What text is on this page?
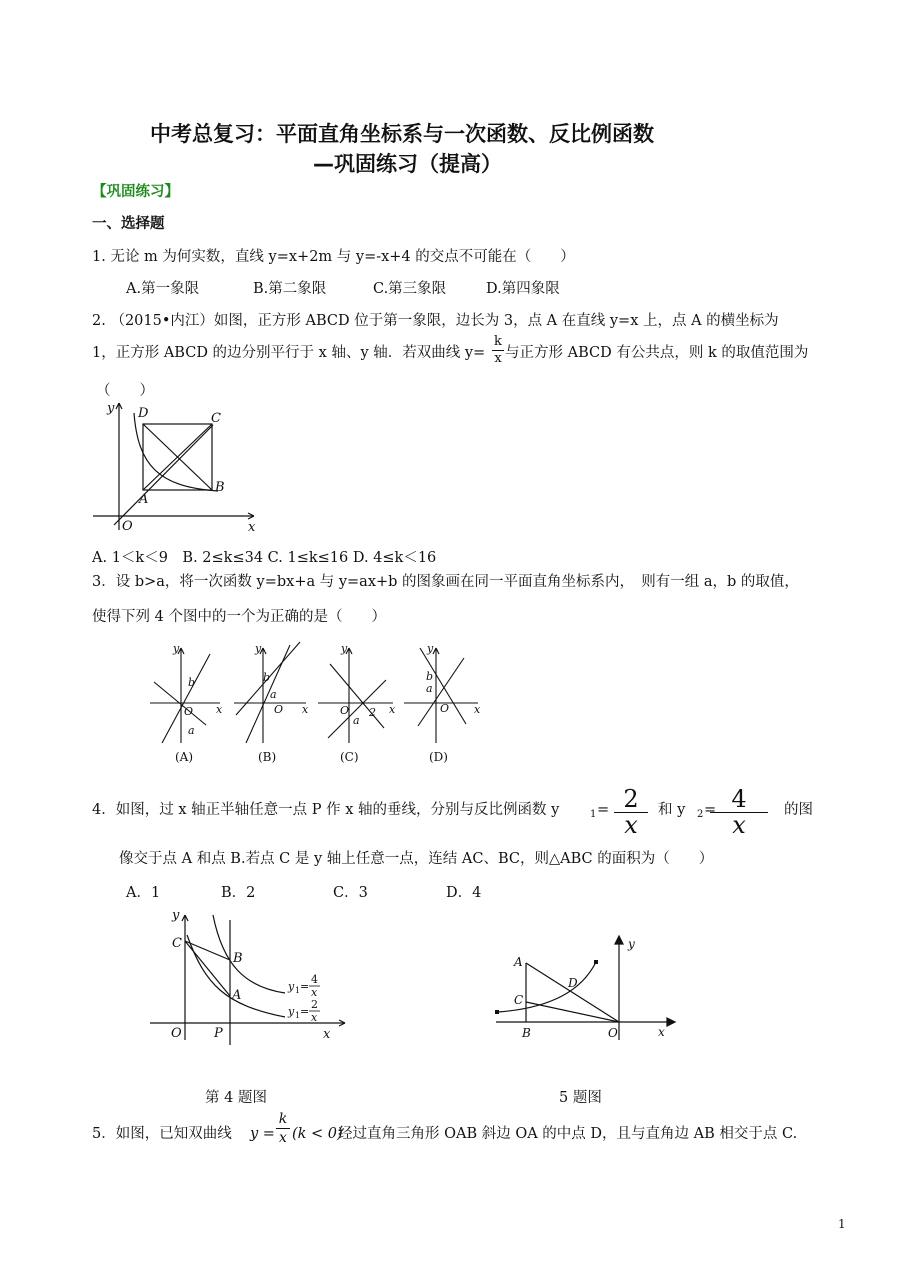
中考总复习：平面直角坐标系与一次函数、反比例函数
—巩固练习（提高）
【巩固练习】
一、选择题
1. 无论 m 为何实数，直线 y=x+2m 与 y=-x+4 的交点不可能在（　　）
A.第一象限	B.第二象限	C.第三象限	D.第四象限
2. （2015•内江）如图，正方形 ABCD 位于第一象限，边长为 3，点 A 在直线 y=x 上，点 A 的横坐标为
1，正方形 ABCD 的边分别平行于 x 轴、y 轴．若双曲线 $y= \frac{k}{x}$ 与正方形 ABCD 有公共点，则 k 的取值范围为
（　　）
y
x
O
A
B
C
D
A. 1＜k＜9　B. 2≤k≤34 C. 1≤k≤16 D. 4≤k＜16
3．设 b>a，将一次函数 y=bx+a 与 y=ax+b 的图象画在同一平面直角坐标系内，　则有一组 a，b 的取值，
使得下列 4 个图中的一个为正确的是（　　）
y
x
b
O
a
y
x
b
a
O
y
x
O 2
a
y
x
b
a
O
(A)	(B)	(C)	(D)
4．如图，过 x 轴正半轴任意一点 P 作 x 轴的垂线，分别与反比例函数 y	$1 = \frac{2}{x}$ 和 y 2 =
$\frac{4}{x}$ 的图
像交于点 A 和点 B.若点 C 是 y 轴上任意一点，连结 AC、BC，则△ABC 的面积为（　　）
A．1	B．2	C．3	D．4
y
x
O P
B
A
C
y 1 =
4
x
y 1 =
2
x
y
x
O
B
A
C
D
第 4 题图	5 题图
5．如图，已知双曲线 $y = \frac{k}{x} (k < 0)$
经过直角三角形 OAB 斜边 OA 的中点 D，且与直角边 AB 相交于点 C.
1
